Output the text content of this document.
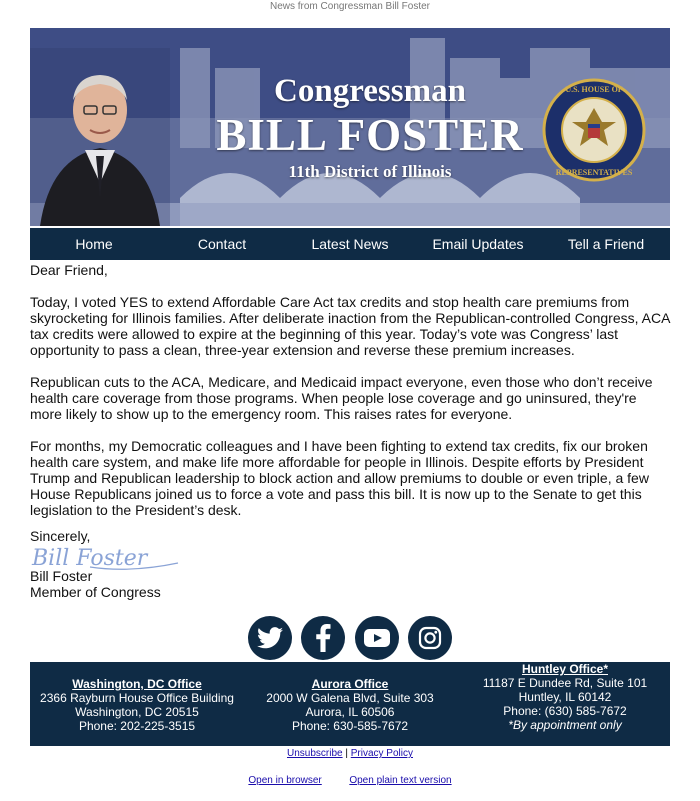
News from Congressman Bill Foster
Congressman
BILL FOSTER
11th District of Illinois
U.S. HOUSE OF
REPRESENTATIVES
Home	Contact	Latest News	Email Updates	Tell a Friend

Dear Friend,

Today, I voted YES to extend Affordable Care Act tax credits and stop health care premiums from skyrocketing for Illinois families. After deliberate inaction from the Republican-controlled Congress, ACA tax credits were allowed to expire at the beginning of this year. Today’s vote was Congress’ last opportunity to pass a clean, three-year extension and reverse these premium increases.

Republican cuts to the ACA, Medicare, and Medicaid impact everyone, even those who don’t receive health care coverage from those programs. When people lose coverage and go uninsured, they're more likely to show up to the emergency room. This raises rates for everyone.

For months, my Democratic colleagues and I have been fighting to extend tax credits, fix our broken health care system, and make life more affordable for people in Illinois. Despite efforts by President Trump and Republican leadership to block action and allow premiums to double or even triple, a few House Republicans joined us to force a vote and pass this bill. It is now up to the Senate to get this legislation to the President’s desk.

Sincerely,
Bill Foster
Bill Foster
Member of Congress
Washington, DC Office
2366 Rayburn House Office Building
Washington, DC 20515
Phone: 202-225-3515
Aurora Office
2000 W Galena Blvd, Suite 303
Aurora, IL 60506
Phone: 630-585-7672
Huntley Office*
11187 E Dundee Rd, Suite 101
Huntley, IL 60142
Phone: (630) 585-7672
*By appointment only
Unsubscribe | Privacy Policy
Open in browser	Open plain text version
